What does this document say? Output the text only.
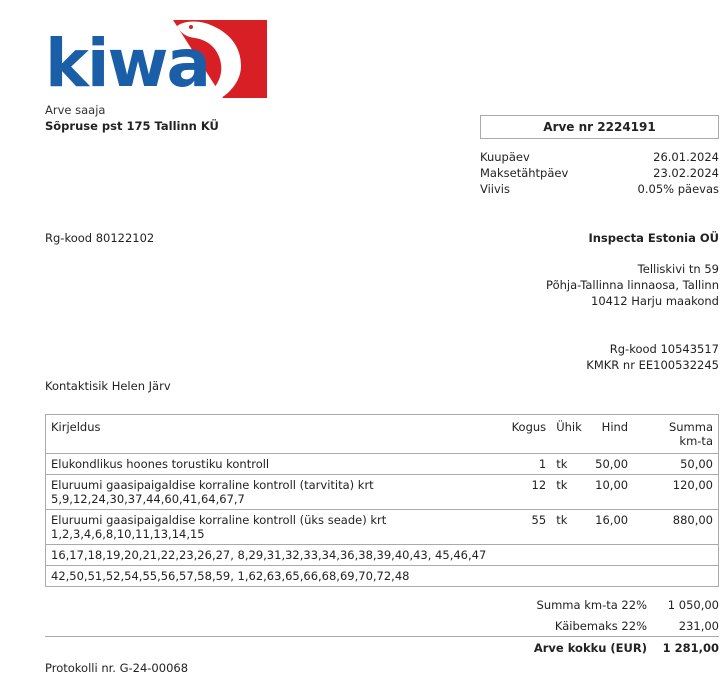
kiwa
Arve saaja
Sõpruse pst 175 Tallinn KÜ
Rg-kood 80122102
Kontaktisik Helen Järv
Arve nr 2224191
Kuupäev	26.01.2024
Maksetähtpäev	23.02.2024
Viivis	0.05% päevas
Inspecta Estonia OÜ
Telliskivi tn 59
Põhja-Tallinna linnaosa, Tallinn
10412 Harju maakond
Rg-kood 10543517
KMKR nr EE100532245
Kirjeldus	Kogus	Ühik	Hind	Summa
km-ta
Elukondlikus hoones torustiku kontroll	1	tk	50,00	50,00
Eluruumi gaasipaigaldise korraline kontroll (tarvitita) krt
5,9,12,24,30,37,44,60,41,64,67,7	12	tk	10,00	120,00
Eluruumi gaasipaigaldise korraline kontroll (üks seade) krt
1,2,3,4,6,8,10,11,13,14,15	55	tk	16,00	880,00
16,17,18,19,20,21,22,23,26,27, 8,29,31,32,33,34,36,38,39,40,43, 45,46,47				
42,50,51,52,54,55,56,57,58,59, 1,62,63,65,66,68,69,70,72,48				
Summa km-ta 22%	1 050,00
Käibemaks 22%	231,00
Arve kokku (EUR)	1 281,00
Protokolli nr. G-24-00068
